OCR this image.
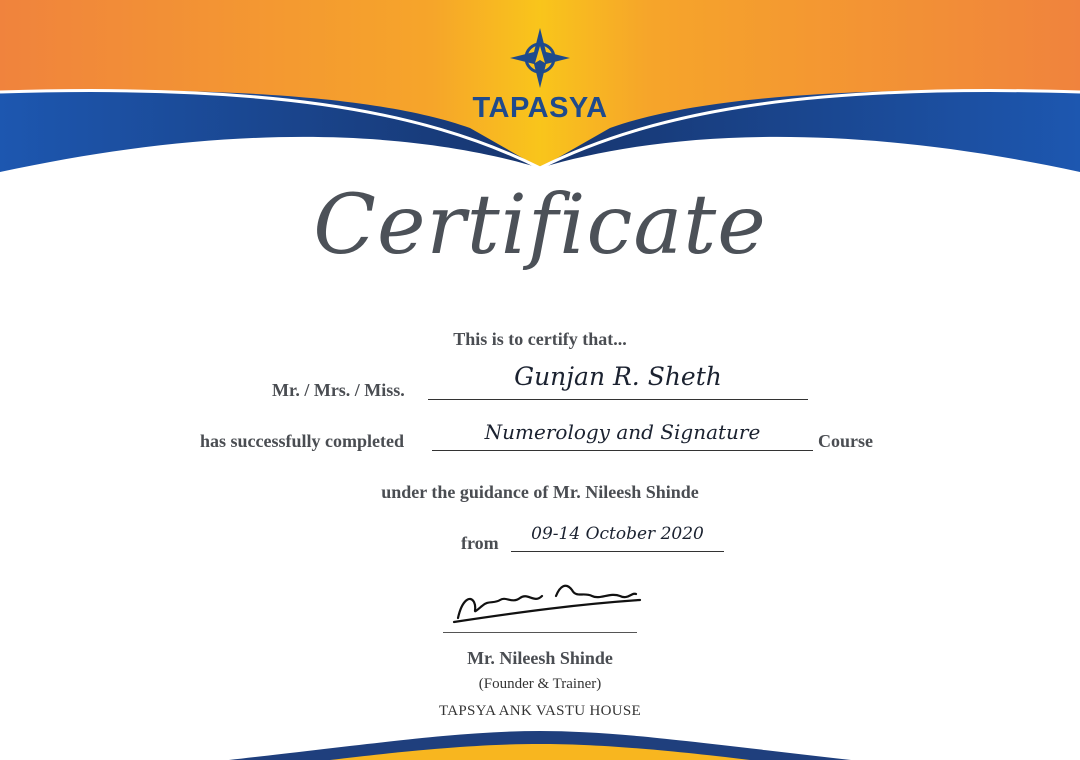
TAPASYA
Certificate
This is to certify that...
Mr. / Mrs. / Miss.	Gunjan R. Sheth
has successfully completed	Numerology and Signature	Course
under the guidance of Mr. Nileesh Shinde
from	09-14 October 2020
Mr. Nileesh Shinde
(Founder & Trainer)
TAPSYA ANK VASTU HOUSE
